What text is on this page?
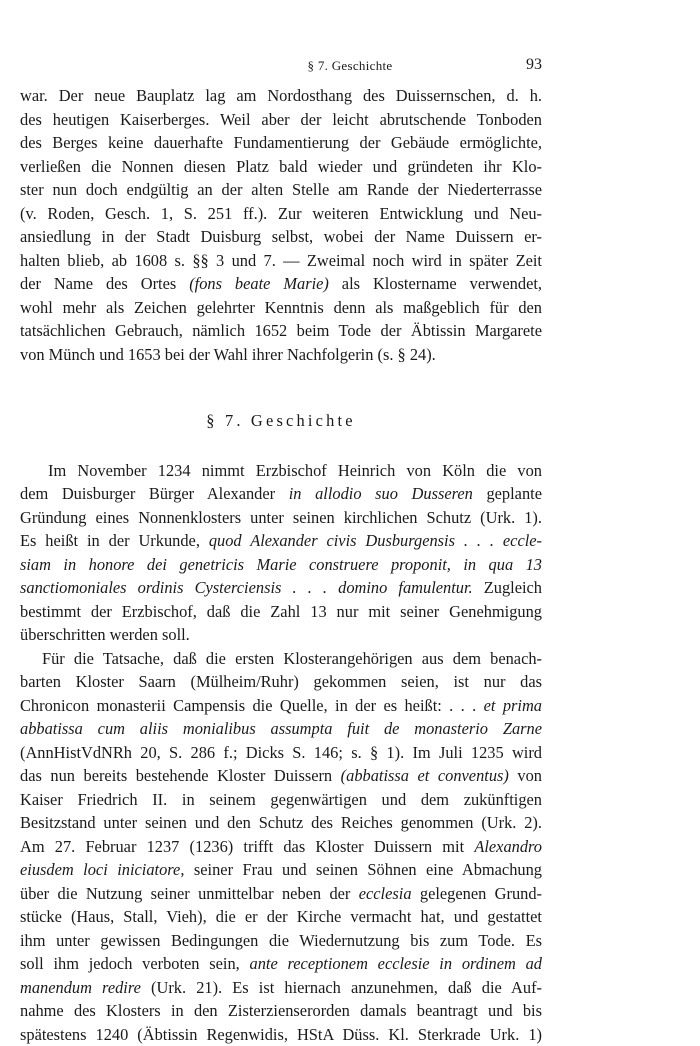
§ 7. Geschichte	93
war. Der neue Bauplatz lag am Nordosthang des Duissernschen, d. h.
des heutigen Kaiserberges. Weil aber der leicht abrutschende Tonboden
des Berges keine dauerhafte Fundamentierung der Gebäude ermöglichte,
verließen die Nonnen diesen Platz bald wieder und gründeten ihr Klo-
ster nun doch endgültig an der alten Stelle am Rande der Niederterrasse
(v. Roden, Gesch. 1, S. 251 ff.). Zur weiteren Entwicklung und Neu-
ansiedlung in der Stadt Duisburg selbst, wobei der Name Duissern er-
halten blieb, ab 1608 s. §§ 3 und 7. — Zweimal noch wird in später Zeit
der Name des Ortes (fons beate Marie) als Klostername verwendet,
wohl mehr als Zeichen gelehrter Kenntnis denn als maßgeblich für den
tatsächlichen Gebrauch, nämlich 1652 beim Tode der Äbtissin Margarete
von Münch und 1653 bei der Wahl ihrer Nachfolgerin (s. § 24).
§ 7. Geschichte
Im November 1234 nimmt Erzbischof Heinrich von Köln die von
dem Duisburger Bürger Alexander in allodio suo Dusseren geplante
Gründung eines Nonnenklosters unter seinen kirchlichen Schutz (Urk. 1).
Es heißt in der Urkunde, quod Alexander civis Dusburgensis . . . eccle-
siam in honore dei genetricis Marie construere proponit, in qua 13
sanctiomoniales ordinis Cysterciensis . . . domino famulentur. Zugleich
bestimmt der Erzbischof, daß die Zahl 13 nur mit seiner Genehmigung
überschritten werden soll.
Für die Tatsache, daß die ersten Klosterangehörigen aus dem benach-
barten Kloster Saarn (Mülheim/Ruhr) gekommen seien, ist nur das
Chronicon monasterii Campensis die Quelle, in der es heißt: . . . et prima
abbatissa cum aliis monialibus assumpta fuit de monasterio Zarne
(AnnHistVdNRh 20, S. 286 f.; Dicks S. 146; s. § 1). Im Juli 1235 wird
das nun bereits bestehende Kloster Duissern (abbatissa et conventus) von
Kaiser Friedrich II. in seinem gegenwärtigen und dem zukünftigen
Besitzstand unter seinen und den Schutz des Reiches genommen (Urk. 2).
Am 27. Februar 1237 (1236) trifft das Kloster Duissern mit Alexandro
eiusdem loci iniciatore, seiner Frau und seinen Söhnen eine Abmachung
über die Nutzung seiner unmittelbar neben der ecclesia gelegenen Grund-
stücke (Haus, Stall, Vieh), die er der Kirche vermacht hat, und gestattet
ihm unter gewissen Bedingungen die Wiedernutzung bis zum Tode. Es
soll ihm jedoch verboten sein, ante receptionem ecclesie in ordinem ad
manendum redire (Urk. 21). Es ist hiernach anzunehmen, daß die Auf-
nahme des Klosters in den Zisterzienserorden damals beantragt und bis
spätestens 1240 (Äbtissin Regenwidis, HStA Düss. Kl. Sterkrade Urk. 1)
